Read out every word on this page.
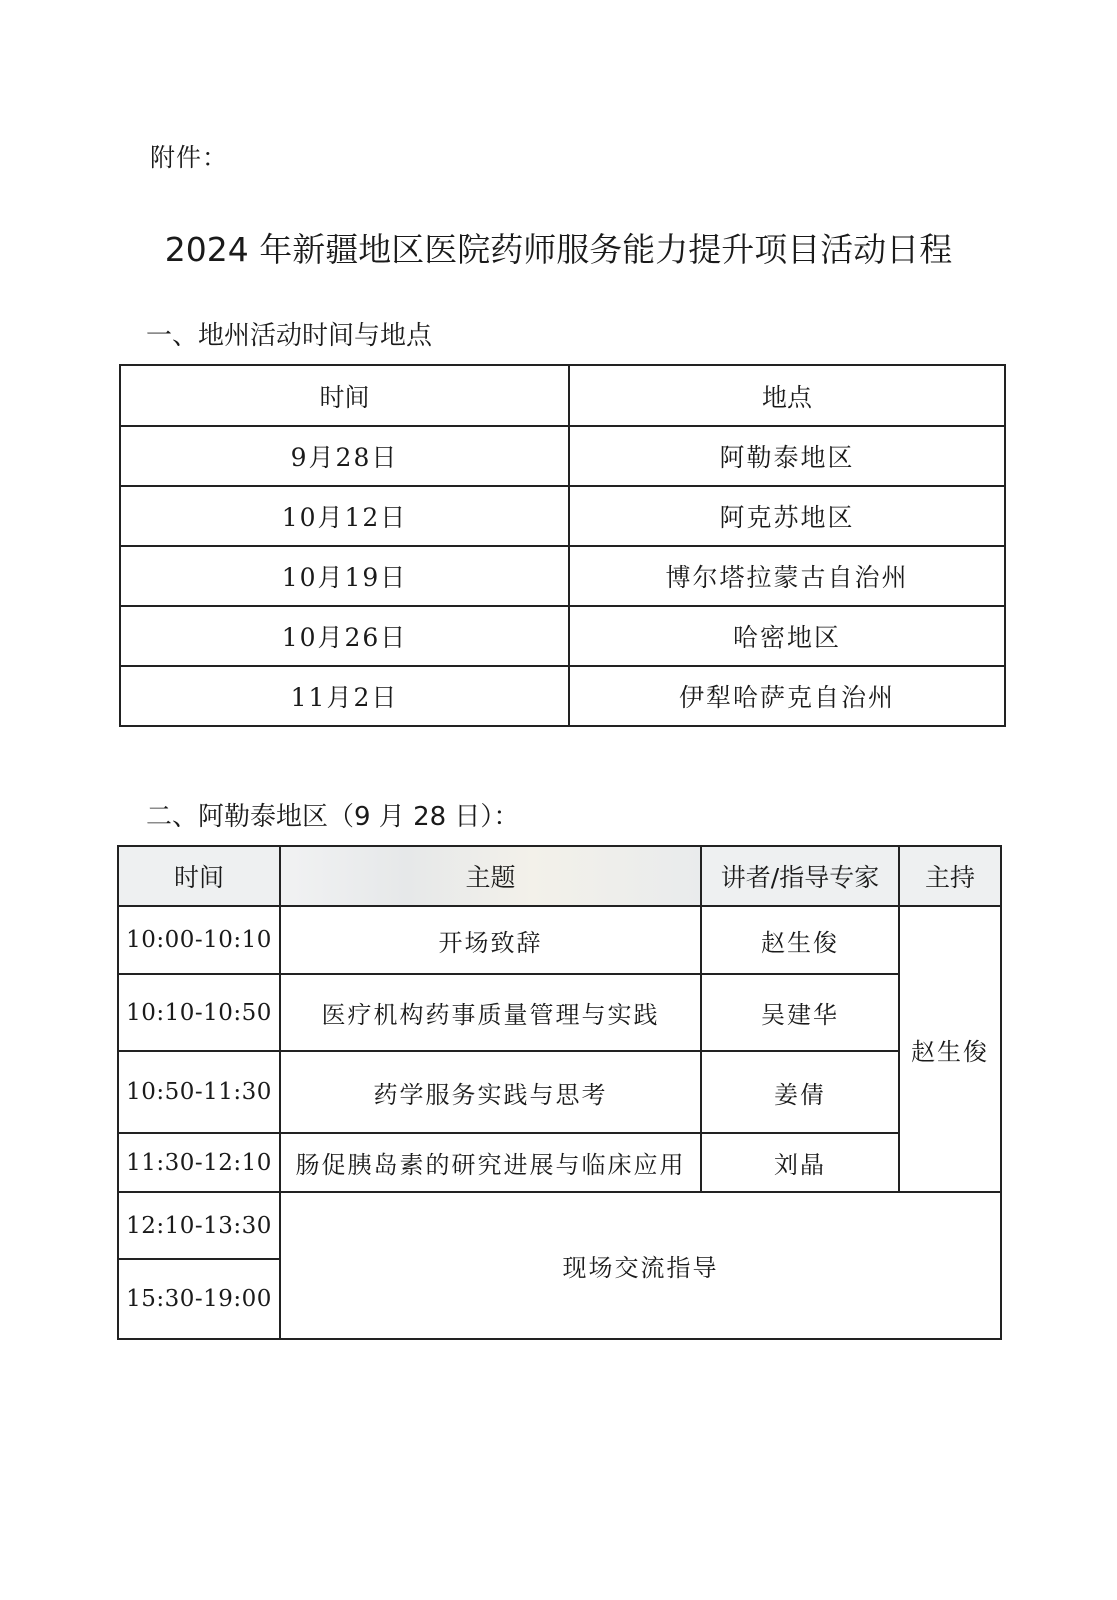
附件：
2024 年新疆地区医院药师服务能力提升项目活动日程
一、地州活动时间与地点
时间	地点
9月28日	阿勒泰地区
10月12日	阿克苏地区
10月19日	博尔塔拉蒙古自治州
10月26日	哈密地区
11月2日	伊犁哈萨克自治州
二、阿勒泰地区（9 月 28 日）：
时间	主题	讲者/指导专家	主持
10:00-10:10	开场致辞	赵生俊	赵生俊
10:10-10:50	医疗机构药事质量管理与实践	吴建华	
10:50-11:30	药学服务实践与思考	姜倩	
11:30-12:10	肠促胰岛素的研究进展与临床应用	刘晶	
12:10-13:30	现场交流指导		
15:30-19:00			
